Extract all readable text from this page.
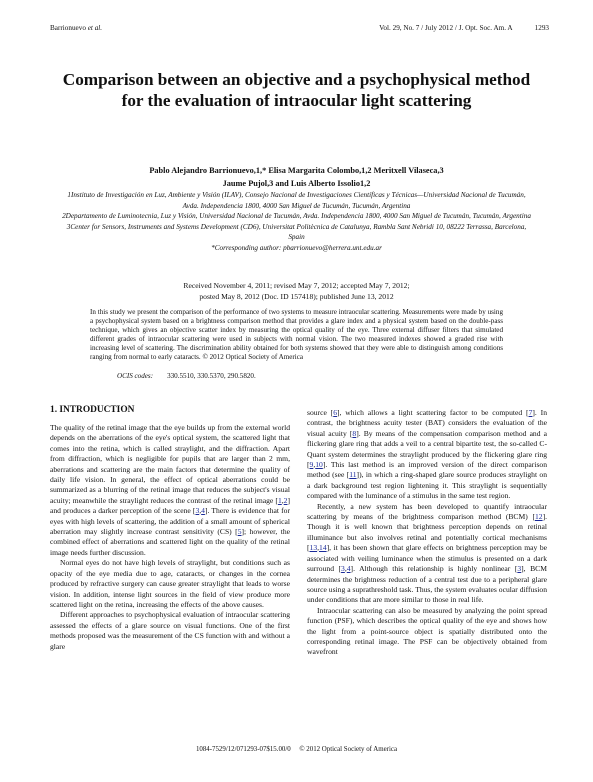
Barrionuevo et al.	Vol. 29, No. 7 / July 2012 / J. Opt. Soc. Am. A	1293
Comparison between an objective and a psychophysical method for the evaluation of intraocular light scattering
Pablo Alejandro Barrionuevo,1,* Elisa Margarita Colombo,1,2 Meritxell Vilaseca,3
Jaume Pujol,3 and Luis Alberto Issolio1,2
1Instituto de Investigación en Luz, Ambiente y Visión (ILAV), Consejo Nacional de Investigaciones Científicas y Técnicas—Universidad Nacional de Tucumán, Avda. Independencia 1800, 4000 San Miguel de Tucumán, Tucumán, Argentina
2Departamento de Luminotecnia, Luz y Visión, Universidad Nacional de Tucumán, Avda. Independencia 1800, 4000 San Miguel de Tucumán, Tucumán, Argentina
3Center for Sensors, Instruments and Systems Development (CD6), Universitat Politècnica de Catalunya, Rambla Sant Nebridi 10, 08222 Terrassa, Barcelona, Spain
*Corresponding author: pbarrionuevo@herrera.unt.edu.ar
Received November 4, 2011; revised May 7, 2012; accepted May 7, 2012;
posted May 8, 2012 (Doc. ID 157418); published June 13, 2012
In this study we present the comparison of the performance of two systems to measure intraocular scattering. Measurements were made by using a psychophysical system based on a brightness comparison method that provides a glare index and a physical system based on the double-pass technique, which gives an objective scatter index by measuring the optical quality of the eye. Three external diffuser filters that simulated different grades of intraocular scattering were used in subjects with normal vision. The two measured indexes showed a graded rise with increasing level of scattering. The discrimination ability obtained for both systems showed that they were able to distinguish among conditions ranging from normal to early cataracts. © 2012 Optical Society of America
OCIS codes: 330.5510, 330.5370, 290.5820.
1. INTRODUCTION

The quality of the retinal image that the eye builds up from the external world depends on the aberrations of the eye's optical system, the scattered light that comes into the retina, which is called straylight, and the diffraction. Apart from diffraction, which is negligible for pupils that are larger than 2 mm, aberrations and scattering are the main factors that determine the quality of daily life vision. In general, the effect of optical aberrations could be summarized as a blurring of the retinal image that reduces the subject's visual acuity; meanwhile the straylight reduces the contrast of the retinal image [1,2] and produces a darker perception of the scene [3,4]. There is evidence that for eyes with high levels of scattering, the addition of a small amount of spherical aberration may slightly increase contrast sensitivity (CS) [5]; however, the combined effect of aberrations and scattered light on the quality of the retinal image needs further discussion.

Normal eyes do not have high levels of straylight, but conditions such as opacity of the eye media due to age, cataracts, or changes in the cornea produced by refractive surgery can cause greater straylight that leads to worse vision. In addition, intense light sources in the field of view produce more scattered light on the retina, increasing the effects of the above causes.

Different approaches to psychophysical evaluation of intraocular scattering assessed the effects of a glare source on visual functions. One of the first methods proposed was the measurement of the CS function with and without a glare

source [6], which allows a light scattering factor to be computed [7]. In contrast, the brightness acuity tester (BAT) considers the evaluation of the visual acuity [8]. By means of the compensation comparison method and a flickering glare ring that adds a veil to a central bipartite test, the so-called C-Quant system determines the straylight produced by the flickering glare ring [9,10]. This last method is an improved version of the direct comparison method (see [11]), in which a ring-shaped glare source produces straylight on a dark background test region lightening it. This straylight is sequentially compared with the luminance of a stimulus in the same test region.

Recently, a new system has been developed to quantify intraocular scattering by means of the brightness comparison method (BCM) [12]. Though it is well known that brightness perception depends on retinal illuminance but also involves retinal and potentially cortical mechanisms [13,14], it has been shown that glare effects on brightness perception may be associated with veiling luminance when the stimulus is presented on a dark surround [3,4]. Although this relationship is highly nonlinear [3], BCM determines the brightness reduction of a central test due to a peripheral glare source using a suprathreshold task. Thus, the system evaluates ocular diffusion under conditions that are more similar to those in real life.

Intraocular scattering can also be measured by analyzing the point spread function (PSF), which describes the optical quality of the eye and shows how the light from a point-source object is spatially distributed onto the corresponding retinal image. The PSF can be objectively obtained from wavefront

1084-7529/12/071293-07$15.00/0 © 2012 Optical Society of America
